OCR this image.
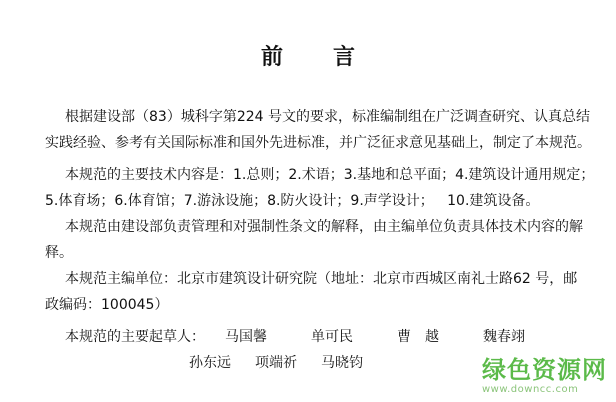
前 言
根据建设部（83）城科字第224 号文的要求，标准编制组在广泛调查研究、认真总结
实践经验、参考有关国际标准和国外先进标准，并广泛征求意见基础上，制定了本规范。
本规范的主要技术内容是：1.总则；2.术语；3.基地和总平面；4.建筑设计通用规定；
5.体育场；6.体育馆；7.游泳设施；8.防火设计；9.声学设计；   10.建筑设备。
本规范由建设部负责管理和对强制性条文的解释，由主编单位负责具体技术内容的解
释。
本规范主编单位：北京市建筑设计研究院（地址：北京市西城区南礼士路62 号，邮
政编码：100045）
本规范的主要起草人： 马国馨	单可民	曹　越	魏春翊
孙东远 项端祈 马晓钧	绿色资源网
www.downcc.com
